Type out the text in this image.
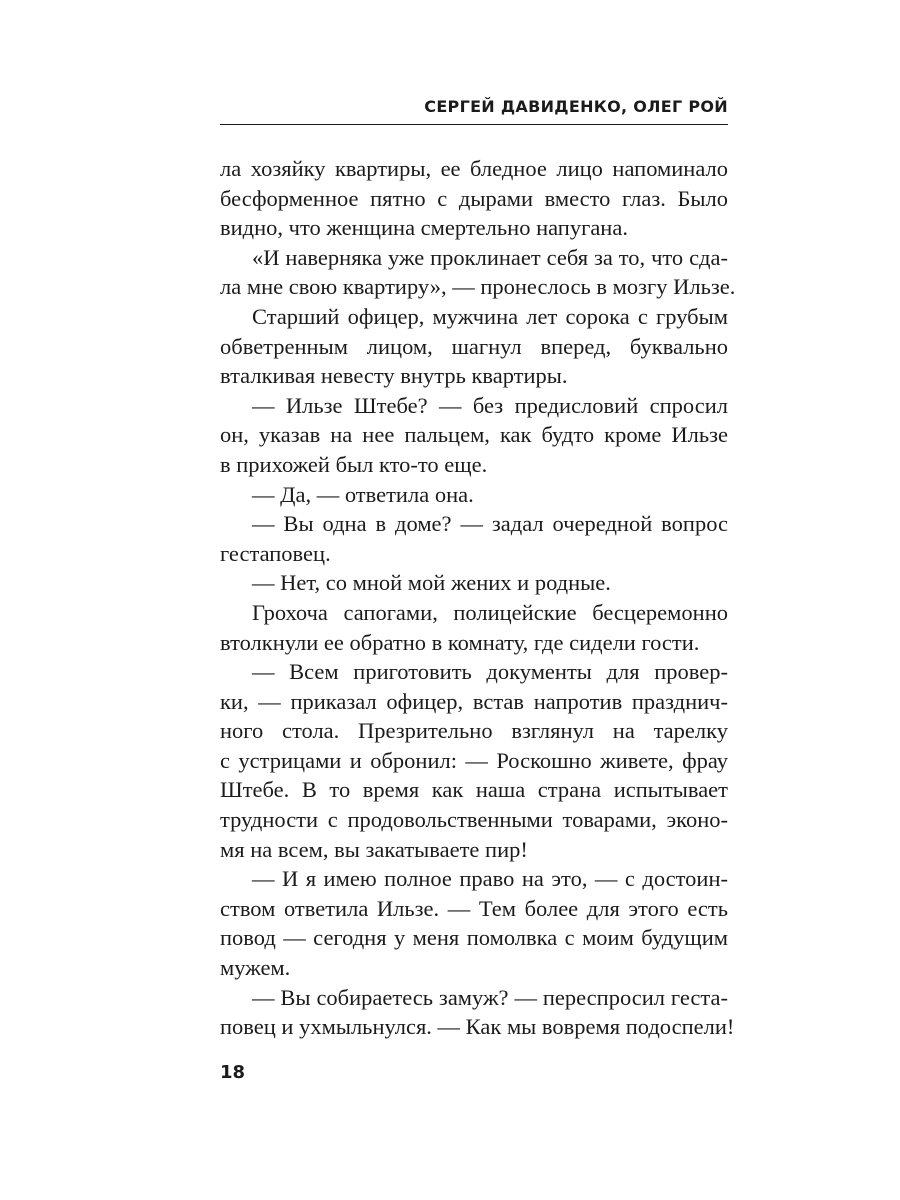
СЕРГЕЙ ДАВИДЕНКО, ОЛЕГ РОЙ
ла хозяйку квартиры, ее бледное лицо напоминало
бесформенное пятно с дырами вместо глаз. Было
видно, что женщина смертельно напугана.
«И наверняка уже проклинает себя за то, что сда-
ла мне свою квартиру», — пронеслось в мозгу Ильзе.
Старший офицер, мужчина лет сорока с грубым
обветренным лицом, шагнул вперед, буквально
вталкивая невесту внутрь квартиры.
— Ильзе Штебе? — без предисловий спросил
он, указав на нее пальцем, как будто кроме Ильзе
в прихожей был кто-то еще.
— Да, — ответила она.
— Вы одна в доме? — задал очередной вопрос
гестаповец.
— Нет, со мной мой жених и родные.
Грохоча сапогами, полицейские бесцеремонно
втолкнули ее обратно в комнату, где сидели гости.
— Всем приготовить документы для провер-
ки, — приказал офицер, встав напротив празднич-
ного стола. Презрительно взглянул на тарелку
с устрицами и обронил: — Роскошно живете, фрау
Штебе. В то время как наша страна испытывает
трудности с продовольственными товарами, эконо-
мя на всем, вы закатываете пир!
— И я имею полное право на это, — с достоин-
ством ответила Ильзе. — Тем более для этого есть
повод — сегодня у меня помолвка с моим будущим
мужем.
— Вы собираетесь замуж? — переспросил геста-
повец и ухмыльнулся. — Как мы вовремя подоспели!
18
